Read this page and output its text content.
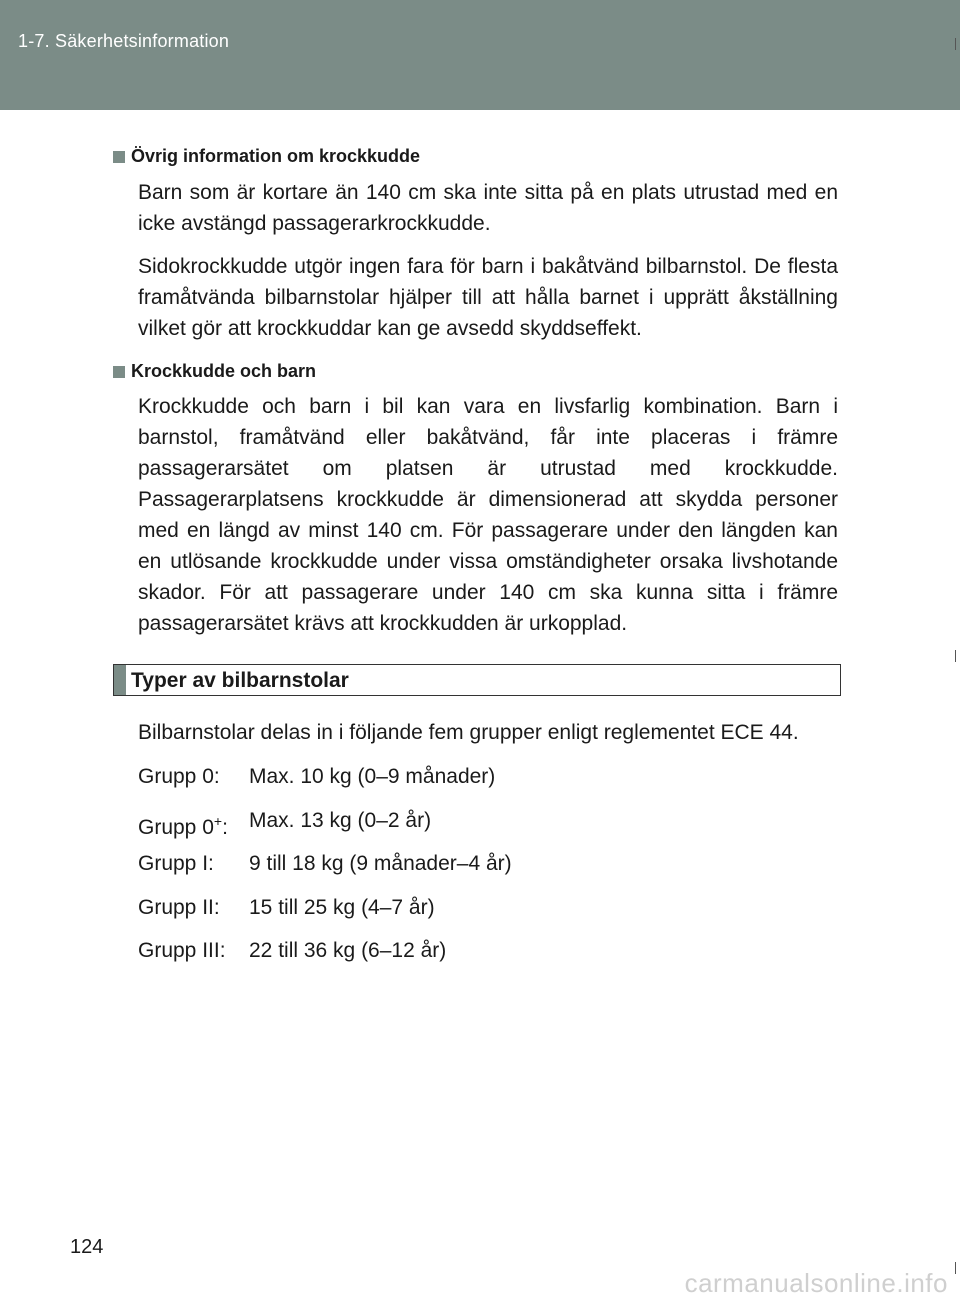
1-7. Säkerhetsinformation
Övrig information om krockkudde

Barn som är kortare än 140 cm ska inte sitta på en plats utrustad med en icke avstängd passagerarkrockkudde.

Sidokrockkudde utgör ingen fara för barn i bakåtvänd bilbarnstol. De flesta framåtvända bilbarnstolar hjälper till att hålla barnet i upprätt åkställning vilket gör att krockkuddar kan ge avsedd skyddseffekt.

Krockkudde och barn

Krockkudde och barn i bil kan vara en livsfarlig kombination. Barn i barnstol, framåtvänd eller bakåtvänd, får inte placeras i främre passagerarsätet om platsen är utrustad med krockkudde. Passagerarplatsens krockkudde är dimensionerad att skydda personer med en längd av minst 140 cm. För passagerare under den längden kan en utlösande krockkudde under vissa omständigheter orsaka livshotande skador. För att passagerare under 140 cm ska kunna sitta i främre passagerarsätet krävs att krockkudden är urkopplad.

Typer av bilbarnstolar

Bilbarnstolar delas in i följande fem grupper enligt reglementet ECE 44.

Grupp 0: Max. 10 kg (0–9 månader)
Grupp 0+: Max. 13 kg (0–2 år)
Grupp I: 9 till 18 kg (9 månader–4 år)
Grupp II: 15 till 25 kg (4–7 år)
Grupp III: 22 till 36 kg (6–12 år)
124
carmanualsonline.info
